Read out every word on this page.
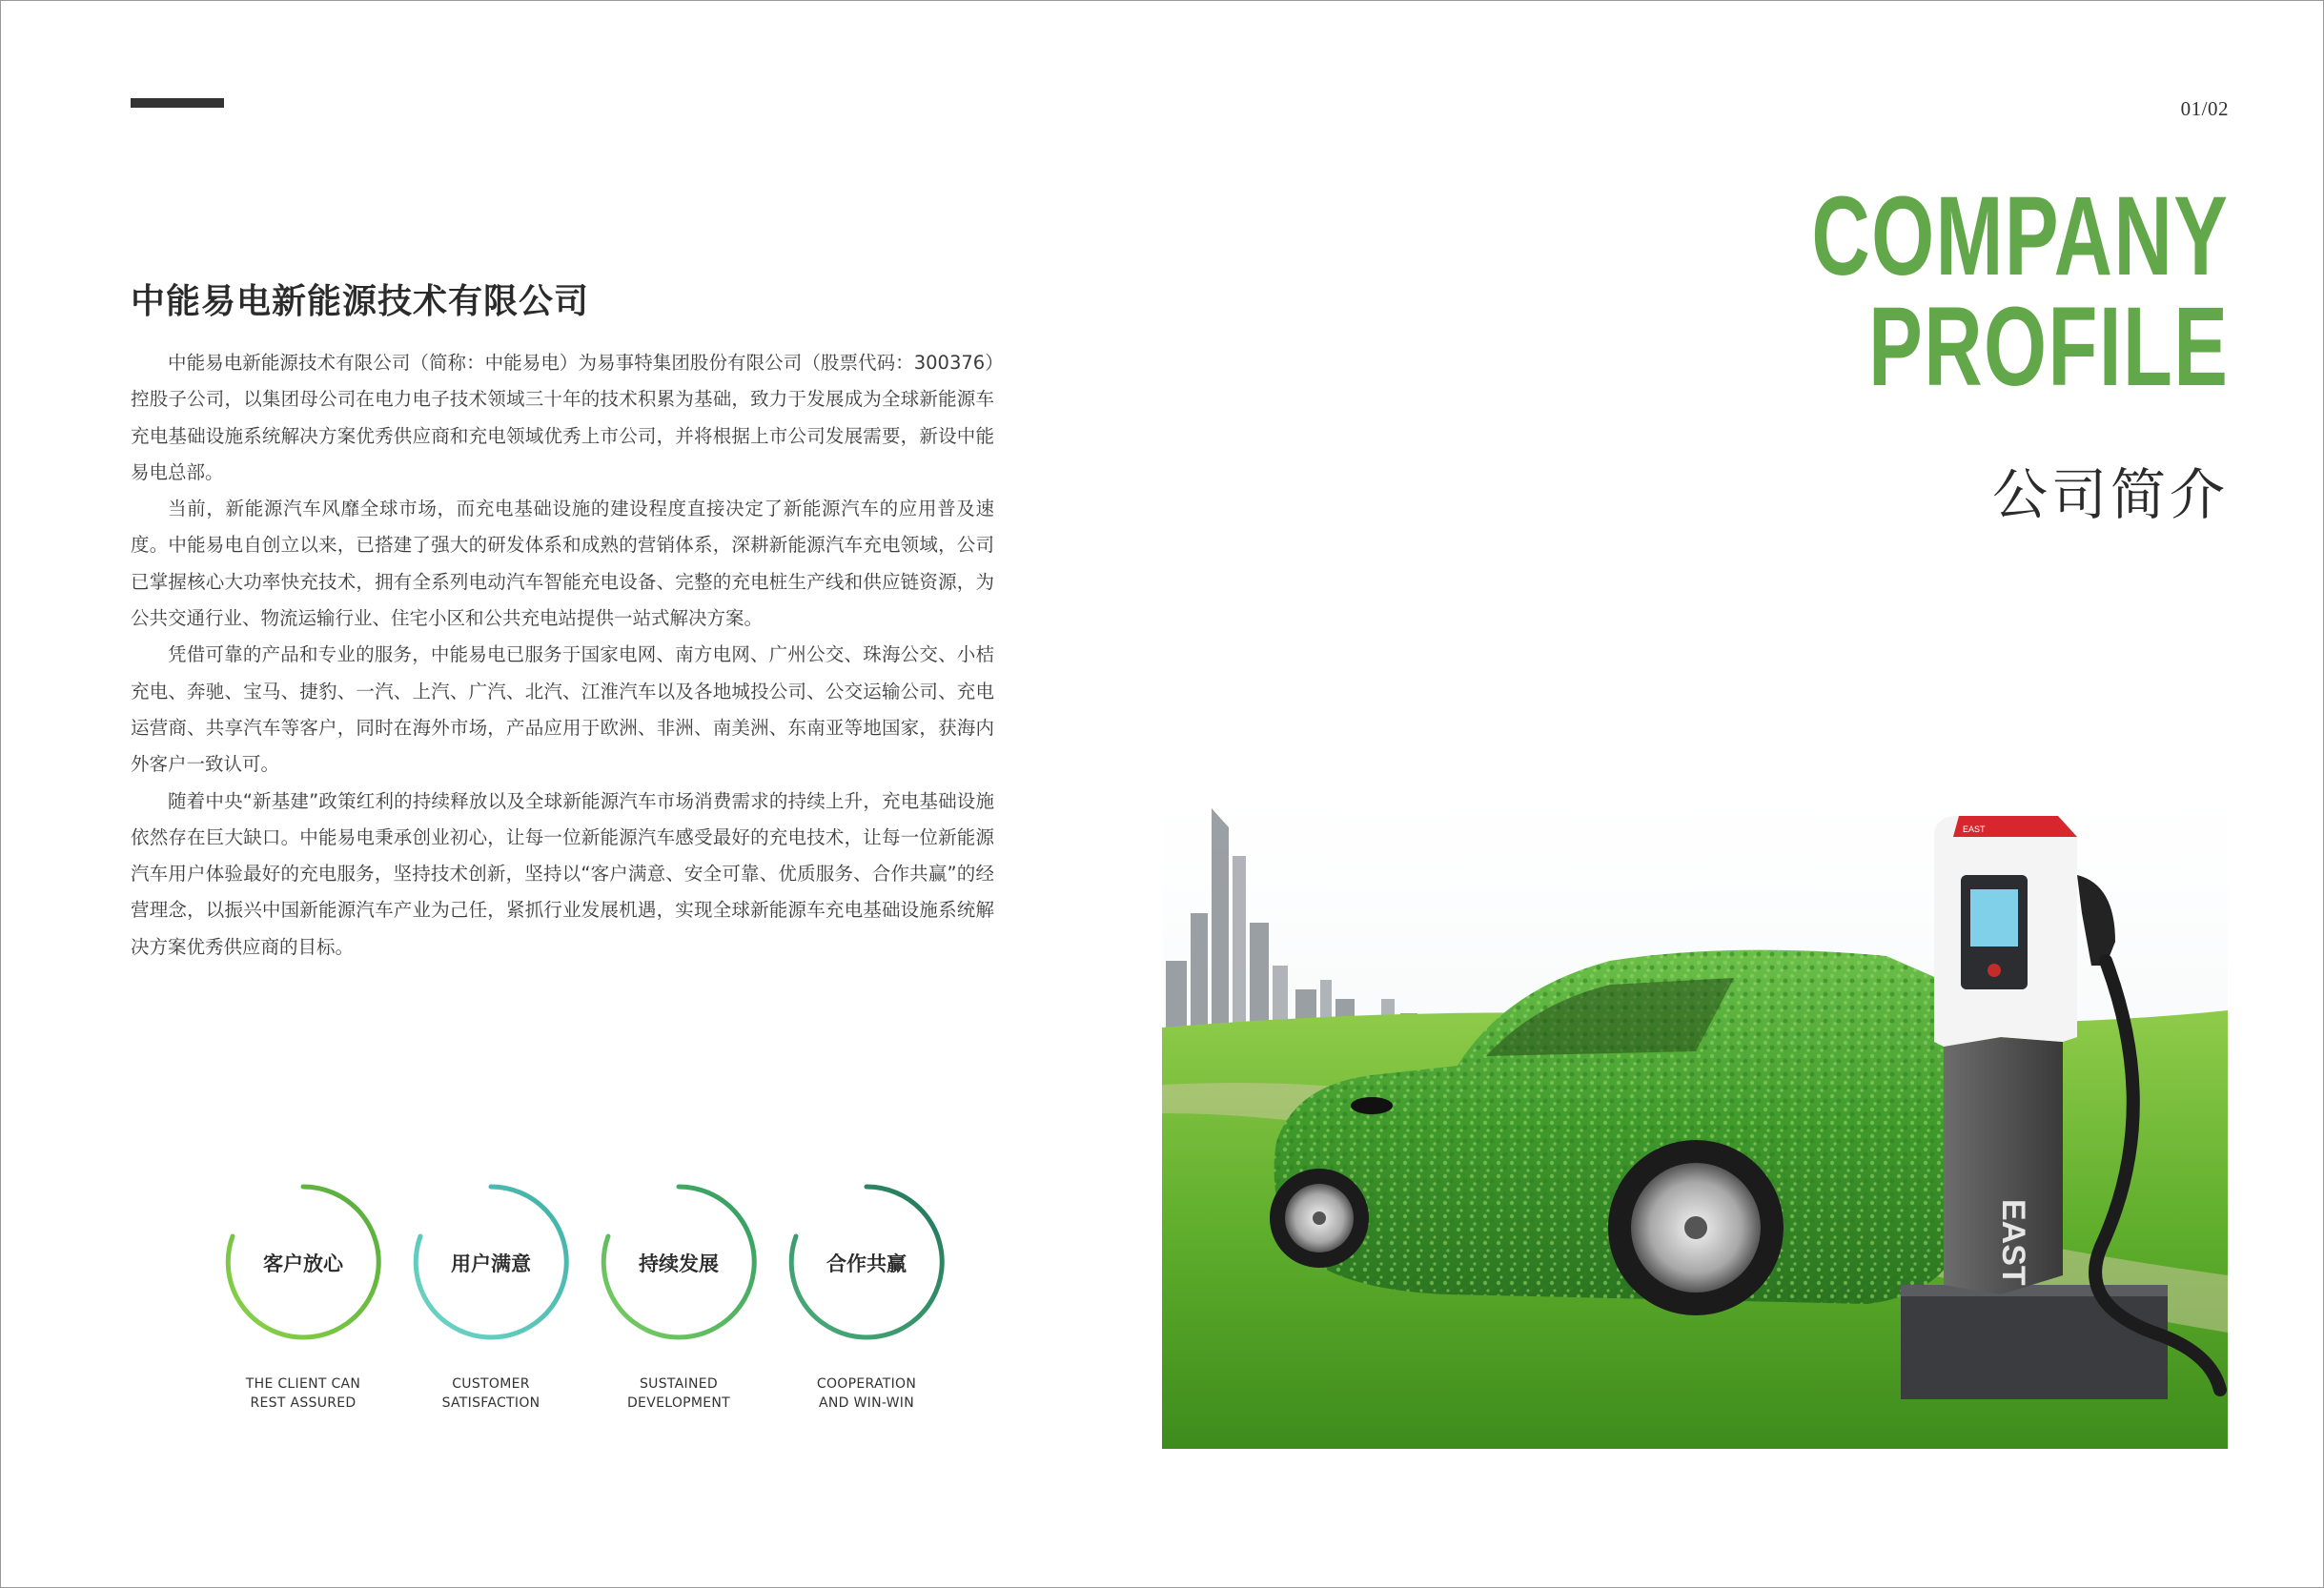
01/02
COMPANY
PROFILE
公司简介
中能易电新能源技术有限公司

中能易电新能源技术有限公司（简称：中能易电）为易事特集团股份有限公司（股票代码：300376）控股子公司，以集团母公司在电力电子技术领域三十年的技术积累为基础，致力于发展成为全球新能源车充电基础设施系统解决方案优秀供应商和充电领域优秀上市公司，并将根据上市公司发展需要，新设中能易电总部。

当前，新能源汽车风靡全球市场，而充电基础设施的建设程度直接决定了新能源汽车的应用普及速度。中能易电自创立以来，已搭建了强大的研发体系和成熟的营销体系，深耕新能源汽车充电领域，公司已掌握核心大功率快充技术，拥有全系列电动汽车智能充电设备、完整的充电桩生产线和供应链资源，为公共交通行业、物流运输行业、住宅小区和公共充电站提供一站式解决方案。

凭借可靠的产品和专业的服务，中能易电已服务于国家电网、南方电网、广州公交、珠海公交、小桔充电、奔驰、宝马、捷豹、一汽、上汽、广汽、北汽、江淮汽车以及各地城投公司、公交运输公司、充电运营商、共享汽车等客户，同时在海外市场，产品应用于欧洲、非洲、南美洲、东南亚等地国家，获海内外客户一致认可。

随着中央“新基建”政策红利的持续释放以及全球新能源汽车市场消费需求的持续上升，充电基础设施依然存在巨大缺口。中能易电秉承创业初心，让每一位新能源汽车感受最好的充电技术，让每一位新能源汽车用户体验最好的充电服务，坚持技术创新，坚持以“客户满意、安全可靠、优质服务、合作共赢”的经营理念，以振兴中国新能源汽车产业为己任，紧抓行业发展机遇，实现全球新能源车充电基础设施系统解决方案优秀供应商的目标。

客户放心
THE CLIENT CAN
REST ASSURED
用户满意
CUSTOMER
SATISFACTION
持续发展
SUSTAINED
DEVELOPMENT
合作共赢
COOPERATION
AND WIN-WIN
EAST
EAST
